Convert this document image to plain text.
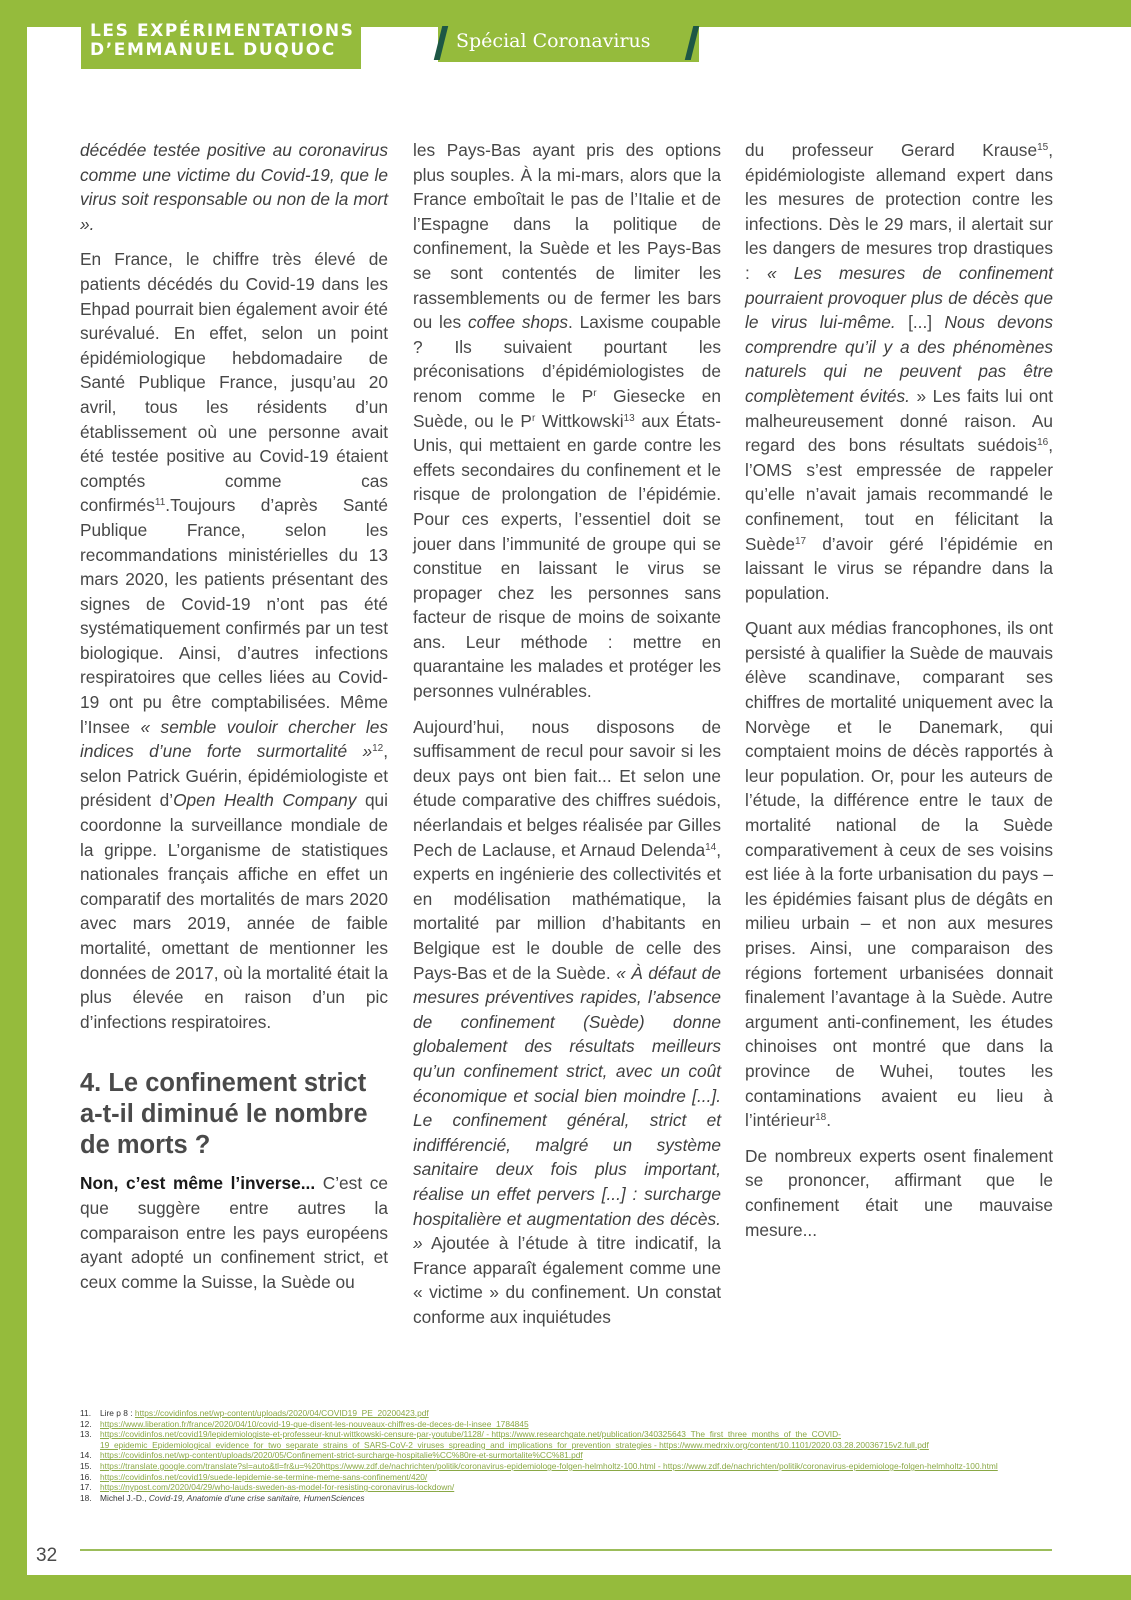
LES EXPÉRIMENTATIONS
D’EMMANUEL DUQUOC	Spécial Coronavirus

décédée testée positive au coronavirus comme une victime du Covid-19, que le virus soit responsable ou non de la mort ».

En France, le chiffre très élevé de patients décédés du Covid-19 dans les Ehpad pourrait bien également avoir été surévalué. En effet, selon un point épidémiologique hebdomadaire de Santé Publique France, jusqu’au 20 avril, tous les résidents d’un établissement où une personne avait été testée positive au Covid-19 étaient comptés comme cas confirmés$^{11}$.Toujours d’après Santé Publique France, selon les recommandations ministérielles du 13 mars 2020, les patients présentant des signes de Covid-19 n’ont pas été systématiquement confirmés par un test biologique. Ainsi, d’autres infections respiratoires que celles liées au Covid-19 ont pu être comptabilisées. Même l’Insee « semble vouloir chercher les indices d’une forte surmortalité »$^{12}$, selon Patrick Guérin, épidémiologiste et président d’Open Health Company qui coordonne la surveillance mondiale de la grippe. L’organisme de statistiques nationales français affiche en effet un comparatif des mortalités de mars 2020 avec mars 2019, année de faible mortalité, omettant de mentionner les données de 2017, où la mortalité était la plus élevée en raison d’un pic d’infections respiratoires.

4. Le confinement strict a-t-il diminué le nombre de morts ?

Non, c’est même l’inverse... C’est ce que suggère entre autres la comparaison entre les pays européens ayant adopté un confinement strict, et ceux comme la Suisse, la Suède ou

les Pays-Bas ayant pris des options plus souples. À la mi-mars, alors que la France emboîtait le pas de l’Italie et de l’Espagne dans la politique de confinement, la Suède et les Pays-Bas se sont contentés de limiter les rassemblements ou de fermer les bars ou les coffee shops. Laxisme coupable ? Ils suivaient pourtant les préconisations d’épidémiologistes de renom comme le $P^r$ Giesecke en Suède, ou le $P^r$ Wittkowski$^{13}$ aux États-Unis, qui mettaient en garde contre les effets secondaires du confinement et le risque de prolongation de l’épidémie. Pour ces experts, l’essentiel doit se jouer dans l’immunité de groupe qui se constitue en laissant le virus se propager chez les personnes sans facteur de risque de moins de soixante ans. Leur méthode : mettre en quarantaine les malades et protéger les personnes vulnérables.

Aujourd’hui, nous disposons de suffisamment de recul pour savoir si les deux pays ont bien fait... Et selon une étude comparative des chiffres suédois, néerlandais et belges réalisée par Gilles Pech de Laclause, et Arnaud Delenda$^{14}$, experts en ingénierie des collectivités et en modélisation mathématique, la mortalité par million d’habitants en Belgique est le double de celle des Pays-Bas et de la Suède. « À défaut de mesures préventives rapides, l’absence de confinement (Suède) donne globalement des résultats meilleurs qu’un confinement strict, avec un coût économique et social bien moindre [...]. Le confinement général, strict et indifférencié, malgré un système sanitaire deux fois plus important, réalise un effet pervers [...] : surcharge hospitalière et augmentation des décès. » Ajoutée à l’étude à titre indicatif, la France apparaît également comme une « victime » du confinement. Un constat conforme aux inquiétudes

du professeur Gerard Krause$^{15}$, épidémiologiste allemand expert dans les mesures de protection contre les infections. Dès le 29 mars, il alertait sur les dangers de mesures trop drastiques : « Les mesures de confinement pourraient provoquer plus de décès que le virus lui-même. [...] Nous devons comprendre qu’il y a des phénomènes naturels qui ne peuvent pas être complètement évités. » Les faits lui ont malheureusement donné raison. Au regard des bons résultats suédois$^{16}$, l’OMS s’est empressée de rappeler qu’elle n’avait jamais recommandé le confinement, tout en félicitant la Suède$^{17}$ d’avoir géré l’épidémie en laissant le virus se répandre dans la population.

Quant aux médias francophones, ils ont persisté à qualifier la Suède de mauvais élève scandinave, comparant ses chiffres de mortalité uniquement avec la Norvège et le Danemark, qui comptaient moins de décès rapportés à leur population. Or, pour les auteurs de l’étude, la différence entre le taux de mortalité national de la Suède comparativement à ceux de ses voisins est liée à la forte urbanisation du pays – les épidémies faisant plus de dégâts en milieu urbain – et non aux mesures prises. Ainsi, une comparaison des régions fortement urbanisées donnait finalement l’avantage à la Suède. Autre argument anti-confinement, les études chinoises ont montré que dans la province de Wuhei, toutes les contaminations avaient eu lieu à l’intérieur$^{18}$.

De nombreux experts osent finalement se prononcer, affirmant que le confinement était une mauvaise mesure...

11.	Lire p 8 : https://covidinfos.net/wp-content/uploads/2020/04/COVID19_PE_20200423.pdf
12. https://www.liberation.fr/france/2020/04/10/covid-19-que-disent-les-nouveaux-chiffres-de-deces-de-l-insee_1784845
13. https://covidinfos.net/covid19/lepidemiologiste-et-professeur-knut-wittkowski-censure-par-youtube/1128/ - https://www.researchgate.net/publication/340325643_The_first_three_months_of_the_COVID-19_epidemic_Epidemiological_evidence_for_two_separate_strains_of_SARS-CoV-2_viruses_spreading_and_implications_for_prevention_strategies - https://www.medrxiv.org/content/10.1101/2020.03.28.20036715v2.full.pdf
14. https://covidinfos.net/wp-content/uploads/2020/05/Confinement-strict-surcharge-hospitalie%CC%80re-et-surmortalite%CC%81.pdf
15. https://translate.google.com/translate?sl=auto&tl=fr&u=%20https://www.zdf.de/nachrichten/politik/coronavirus-epidemiologe-folgen-helmholtz-100.html - https://www.zdf.de/nachrichten/politik/coronavirus-epidemiologe-folgen-helmholtz-100.html
16. https://covidinfos.net/covid19/suede-lepidemie-se-termine-meme-sans-confinement/420/
17. https://nypost.com/2020/04/29/who-lauds-sweden-as-model-for-resisting-coronavirus-lockdown/
18. Michel J.-D., Covid-19, Anatomie d’une crise sanitaire, HumenSciences
32
